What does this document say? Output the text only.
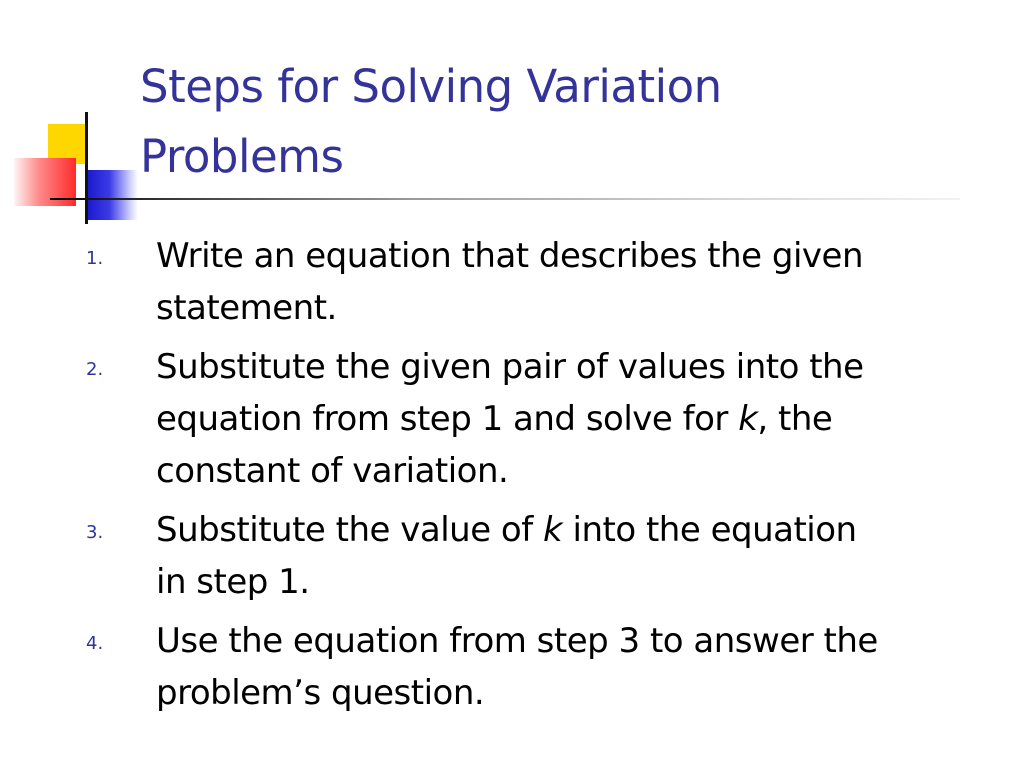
Steps for Solving Variation
Problems
1. Write an equation that describes the given
statement.
2. Substitute the given pair of values into the
equation from step 1 and solve for k, the
constant of variation.
3. Substitute the value of k into the equation
in step 1.
4. Use the equation from step 3 to answer the
problem’s question.
